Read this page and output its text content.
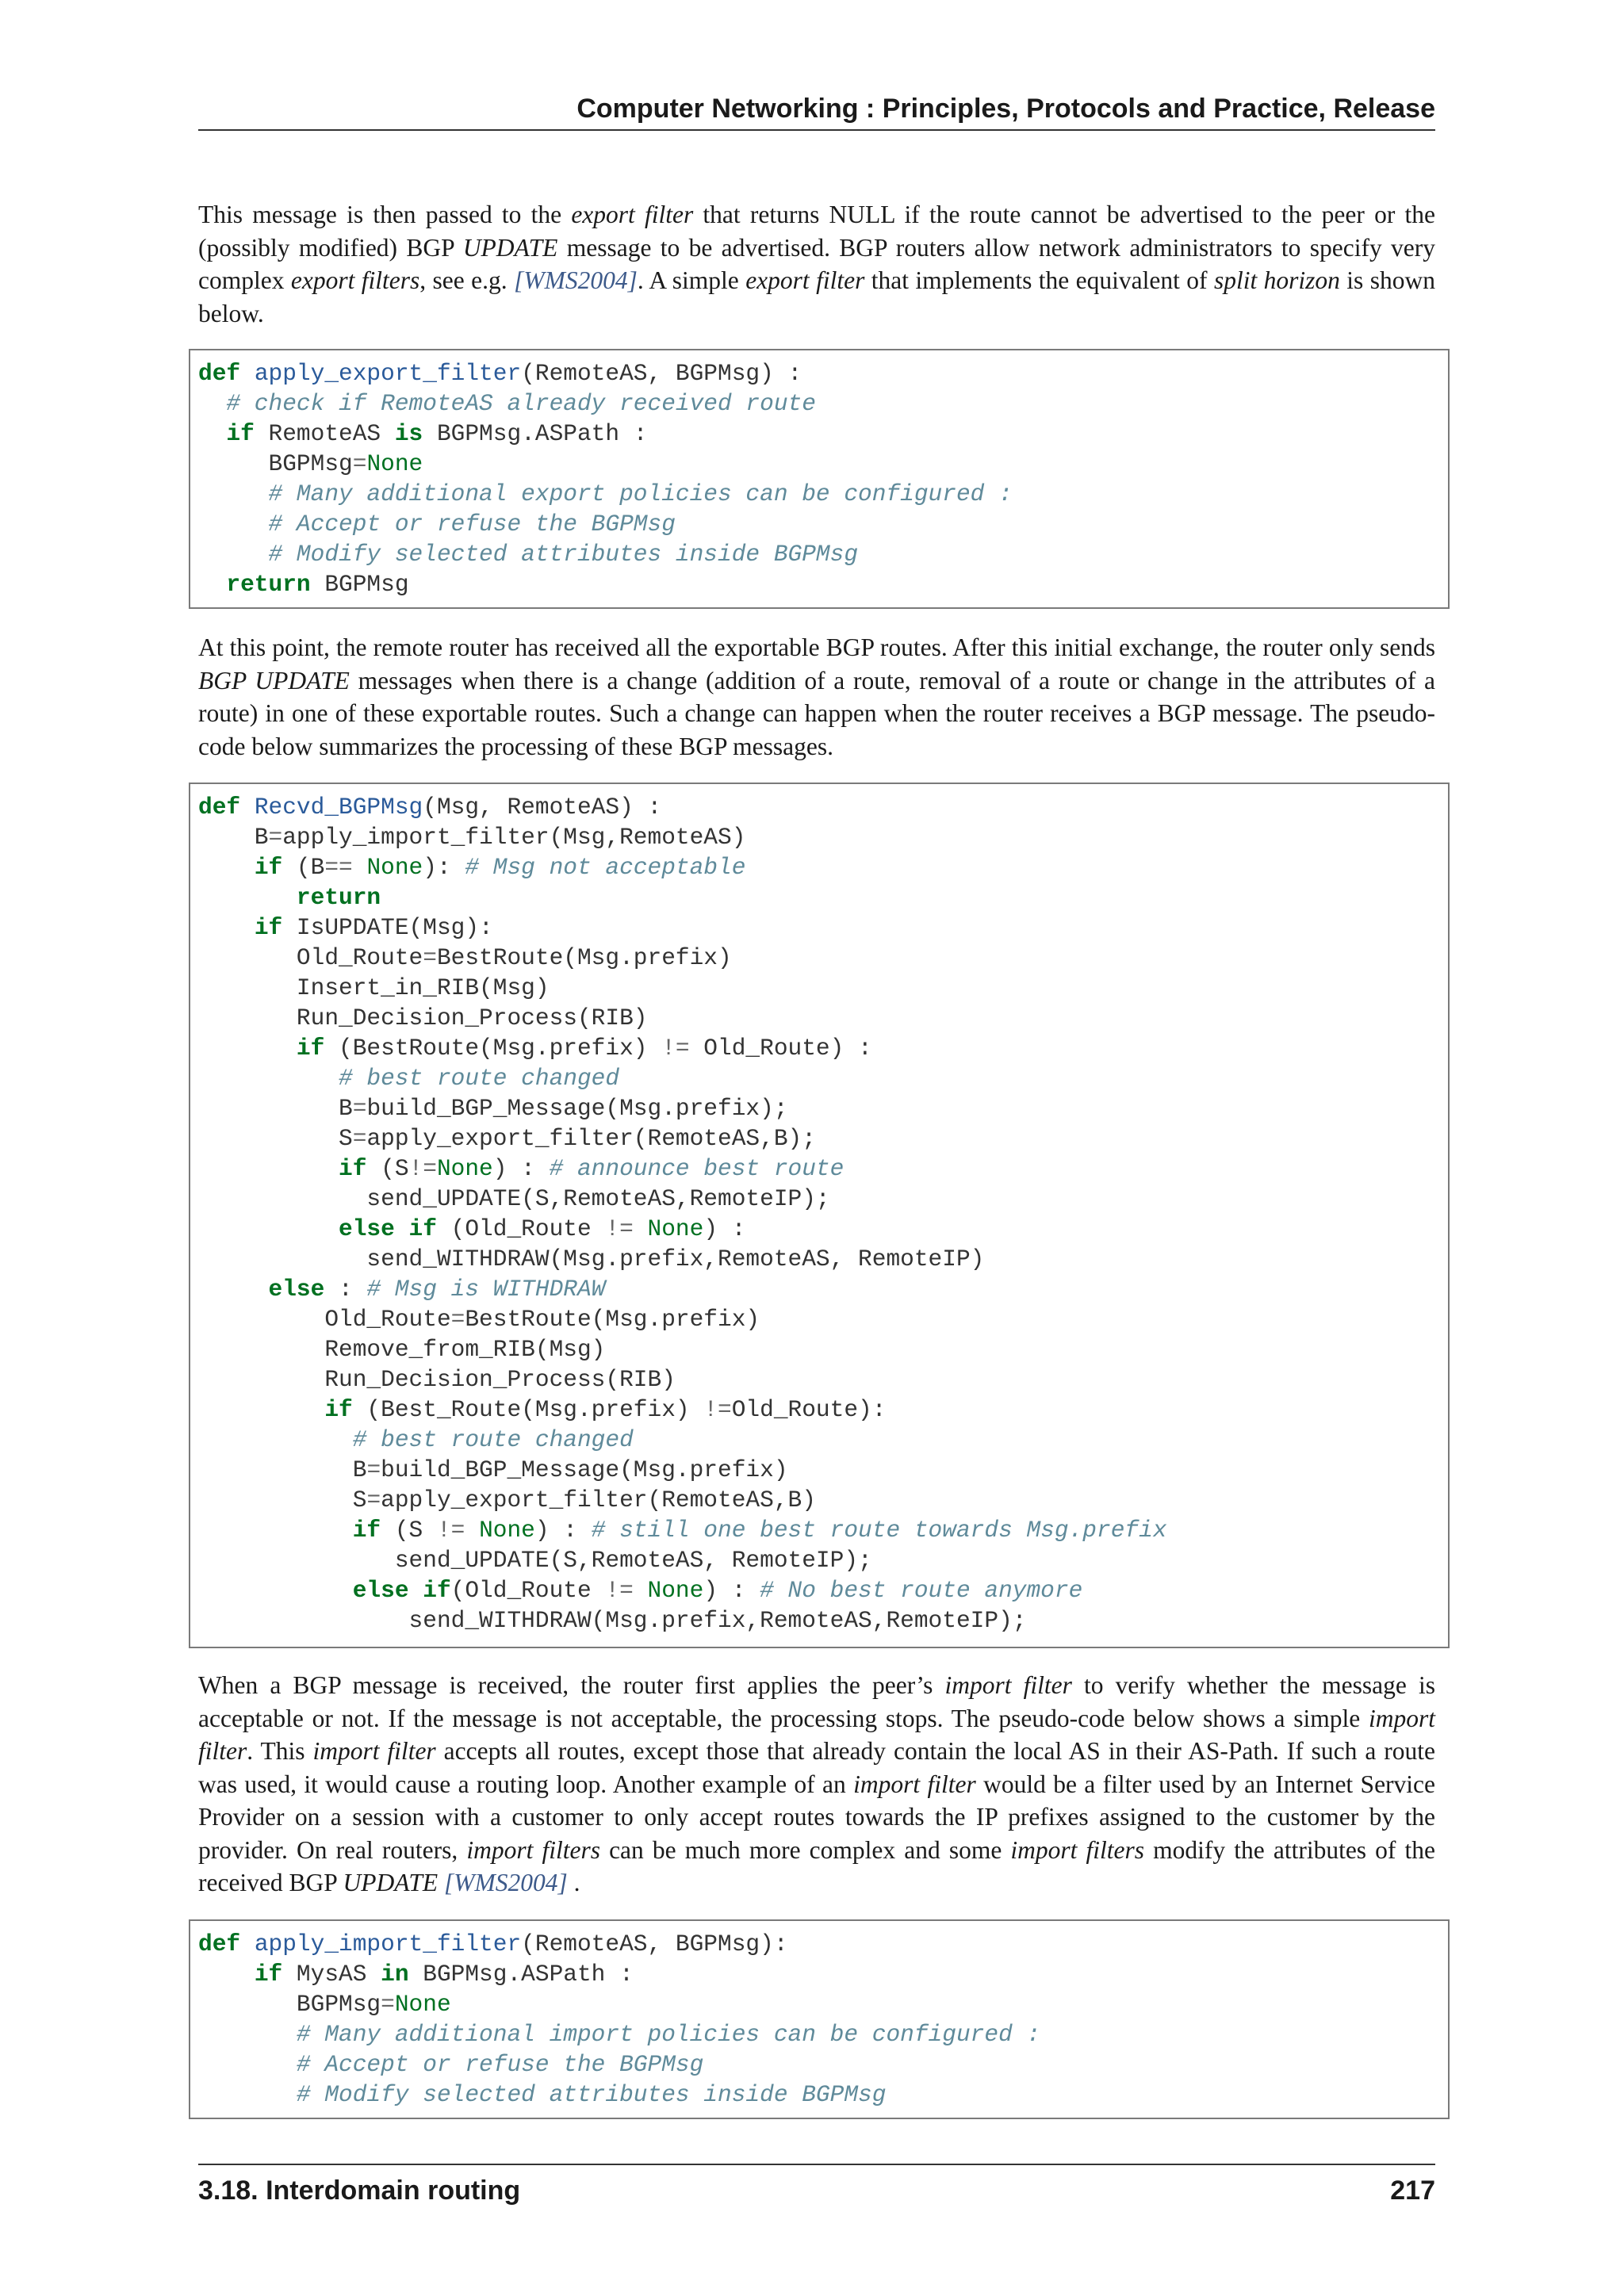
Computer Networking : Principles, Protocols and Practice, Release

This message is then passed to the export filter that returns NULL if the route cannot be advertised to the peer or the (possibly modified) BGP UPDATE message to be advertised. BGP routers allow network administrators to specify very complex export filters, see e.g. [WMS2004]. A simple export filter that implements the equivalent of split horizon is shown below.

def apply_export_filter(RemoteAS, BGPMsg) :
# check if RemoteAS already received route
if RemoteAS is BGPMsg.ASPath :
BGPMsg=None
# Many additional export policies can be configured :
# Accept or refuse the BGPMsg
# Modify selected attributes inside BGPMsg
return BGPMsg

At this point, the remote router has received all the exportable BGP routes. After this initial exchange, the router only sends BGP UPDATE messages when there is a change (addition of a route, removal of a route or change in the attributes of a route) in one of these exportable routes. Such a change can happen when the router receives a BGP message. The pseudo-code below summarizes the processing of these BGP messages.

def Recvd_BGPMsg(Msg, RemoteAS) :
B=apply_import_filter(Msg,RemoteAS)
if (B== None): # Msg not acceptable
return
if IsUPDATE(Msg):
Old_Route=BestRoute(Msg.prefix)
Insert_in_RIB(Msg)
Run_Decision_Process(RIB)
if (BestRoute(Msg.prefix) != Old_Route) :
# best route changed
B=build_BGP_Message(Msg.prefix);
S=apply_export_filter(RemoteAS,B);
if (S!=None) : # announce best route
send_UPDATE(S,RemoteAS,RemoteIP);
else if (Old_Route != None) :
send_WITHDRAW(Msg.prefix,RemoteAS, RemoteIP)
else : # Msg is WITHDRAW
Old_Route=BestRoute(Msg.prefix)
Remove_from_RIB(Msg)
Run_Decision_Process(RIB)
if (Best_Route(Msg.prefix) !=Old_Route):
# best route changed
B=build_BGP_Message(Msg.prefix)
S=apply_export_filter(RemoteAS,B)
if (S != None) : # still one best route towards Msg.prefix
send_UPDATE(S,RemoteAS, RemoteIP);
else if(Old_Route != None) : # No best route anymore
send_WITHDRAW(Msg.prefix,RemoteAS,RemoteIP);

When a BGP message is received, the router first applies the peer’s import filter to verify whether the message is acceptable or not. If the message is not acceptable, the processing stops. The pseudo-code below shows a simple import filter. This import filter accepts all routes, except those that already contain the local AS in their AS-Path. If such a route was used, it would cause a routing loop. Another example of an import filter would be a filter used by an Internet Service Provider on a session with a customer to only accept routes towards the IP prefixes assigned to the customer by the provider. On real routers, import filters can be much more complex and some import filters modify the attributes of the received BGP UPDATE [WMS2004] .

def apply_import_filter(RemoteAS, BGPMsg):
if MysAS in BGPMsg.ASPath :
BGPMsg=None
# Many additional import policies can be configured :
# Accept or refuse the BGPMsg
# Modify selected attributes inside BGPMsg
3.18. Interdomain routing	217
